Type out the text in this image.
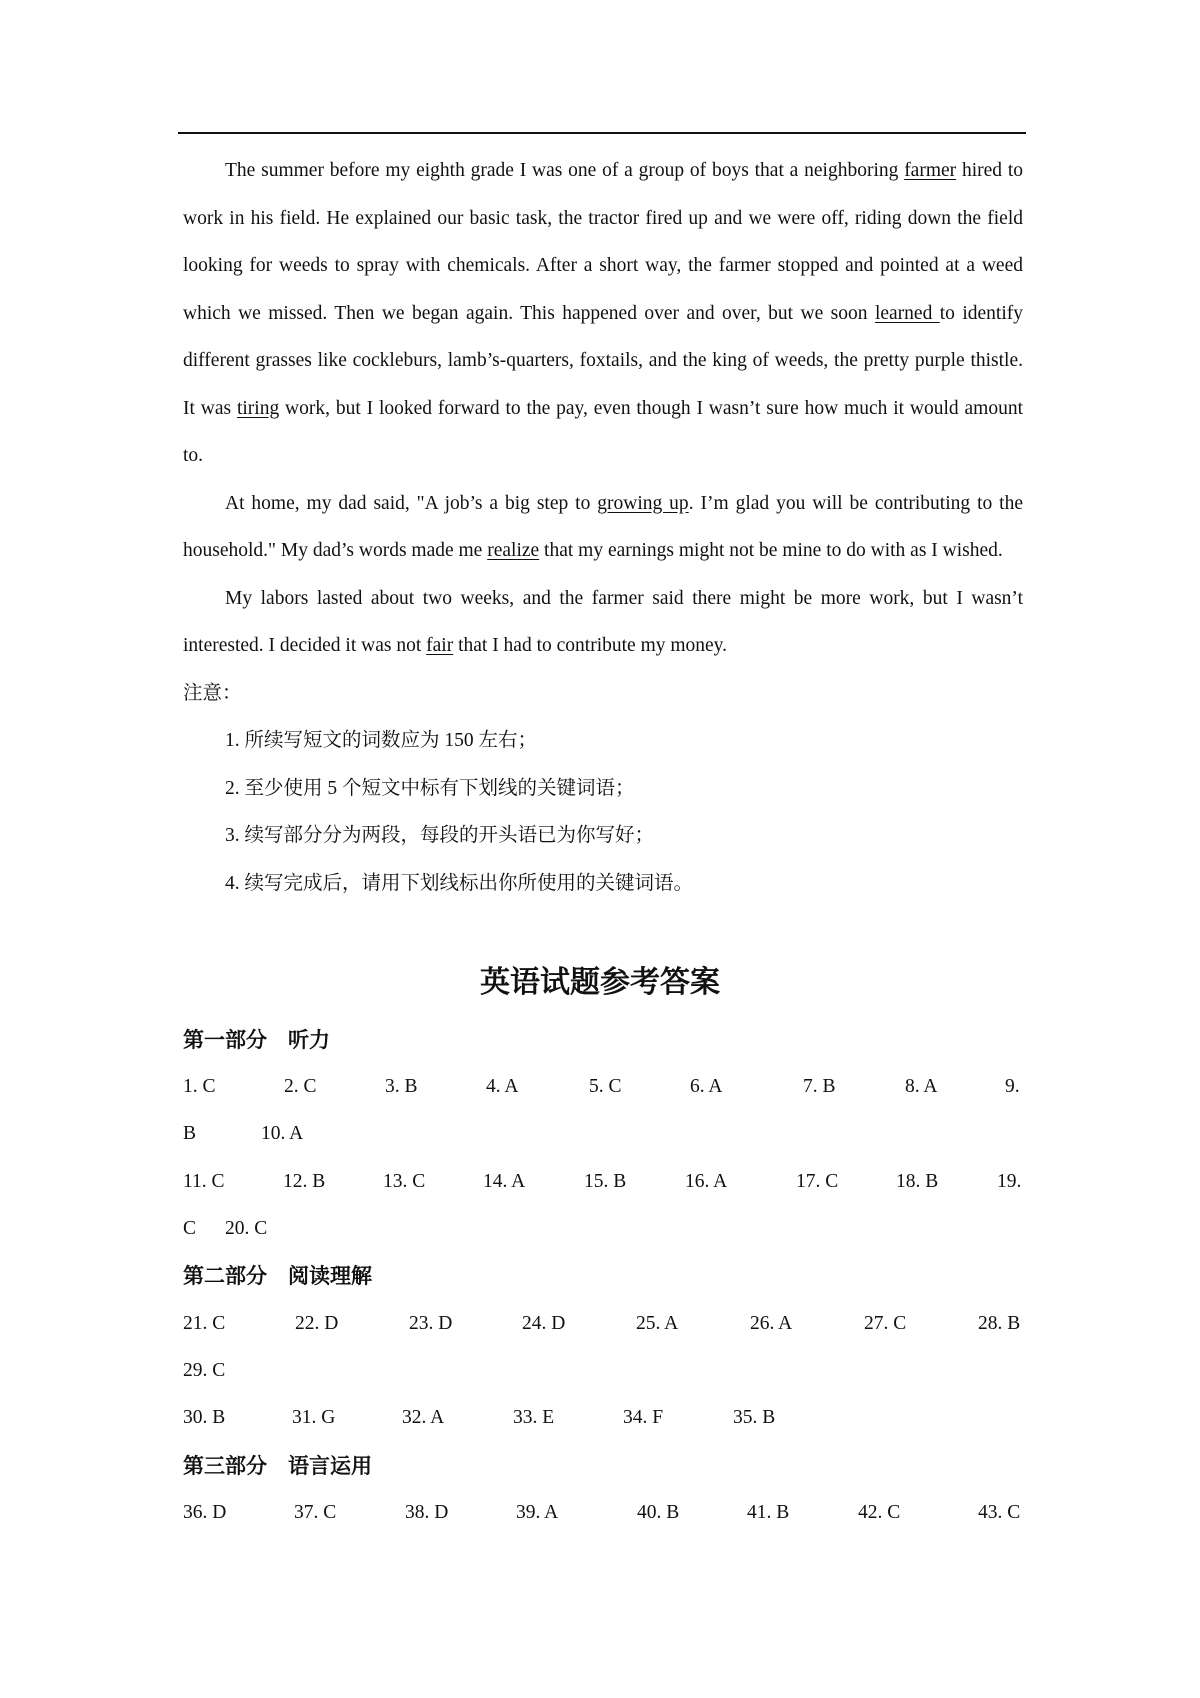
The summer before my eighth grade I was one of a group of boys that a neighboring farmer hired to work in his field. He explained our basic task, the tractor fired up and we were off, riding down the field looking for weeds to spray with chemicals. After a short way, the farmer stopped and pointed at a weed which we missed. Then we began again. This happened over and over, but we soon learned to identify different grasses like cockleburs, lamb’s-quarters, foxtails, and the king of weeds, the pretty purple thistle. It was tiring work, but I looked forward to the pay, even though I wasn’t sure how much it would amount to.

At home, my dad said, "A job’s a big step to growing up. I’m glad you will be contributing to the household." My dad’s words made me realize that my earnings might not be mine to do with as I wished.

My labors lasted about two weeks, and the farmer said there might be more work, but I wasn’t interested. I decided it was not fair that I had to contribute my money.

注意：

1. 所续写短文的词数应为 150 左右；

2. 至少使用 5 个短文中标有下划线的关键词语；

3. 续写部分分为两段，每段的开头语已为你写好；

4. 续写完成后，请用下划线标出你所使用的关键词语。

英语试题参考答案
第一部分　听力
1. C	2. C	3. B	4. A	5. C	6. A	7. B	8. A	9.
B	10. A
11. C	12. B	13. C	14. A	15. B	16. A	17. C	18. B	19.
C 20. C
第二部分　阅读理解
21. C	22. D	23. D	24. D	25. A	26. A	27. C	28. B
29. C
30. B	31. G	32. A	33. E	34. F	35. B
第三部分　语言运用
36. D	37. C	38. D	39. A	40. B	41. B	42. C	43. C
